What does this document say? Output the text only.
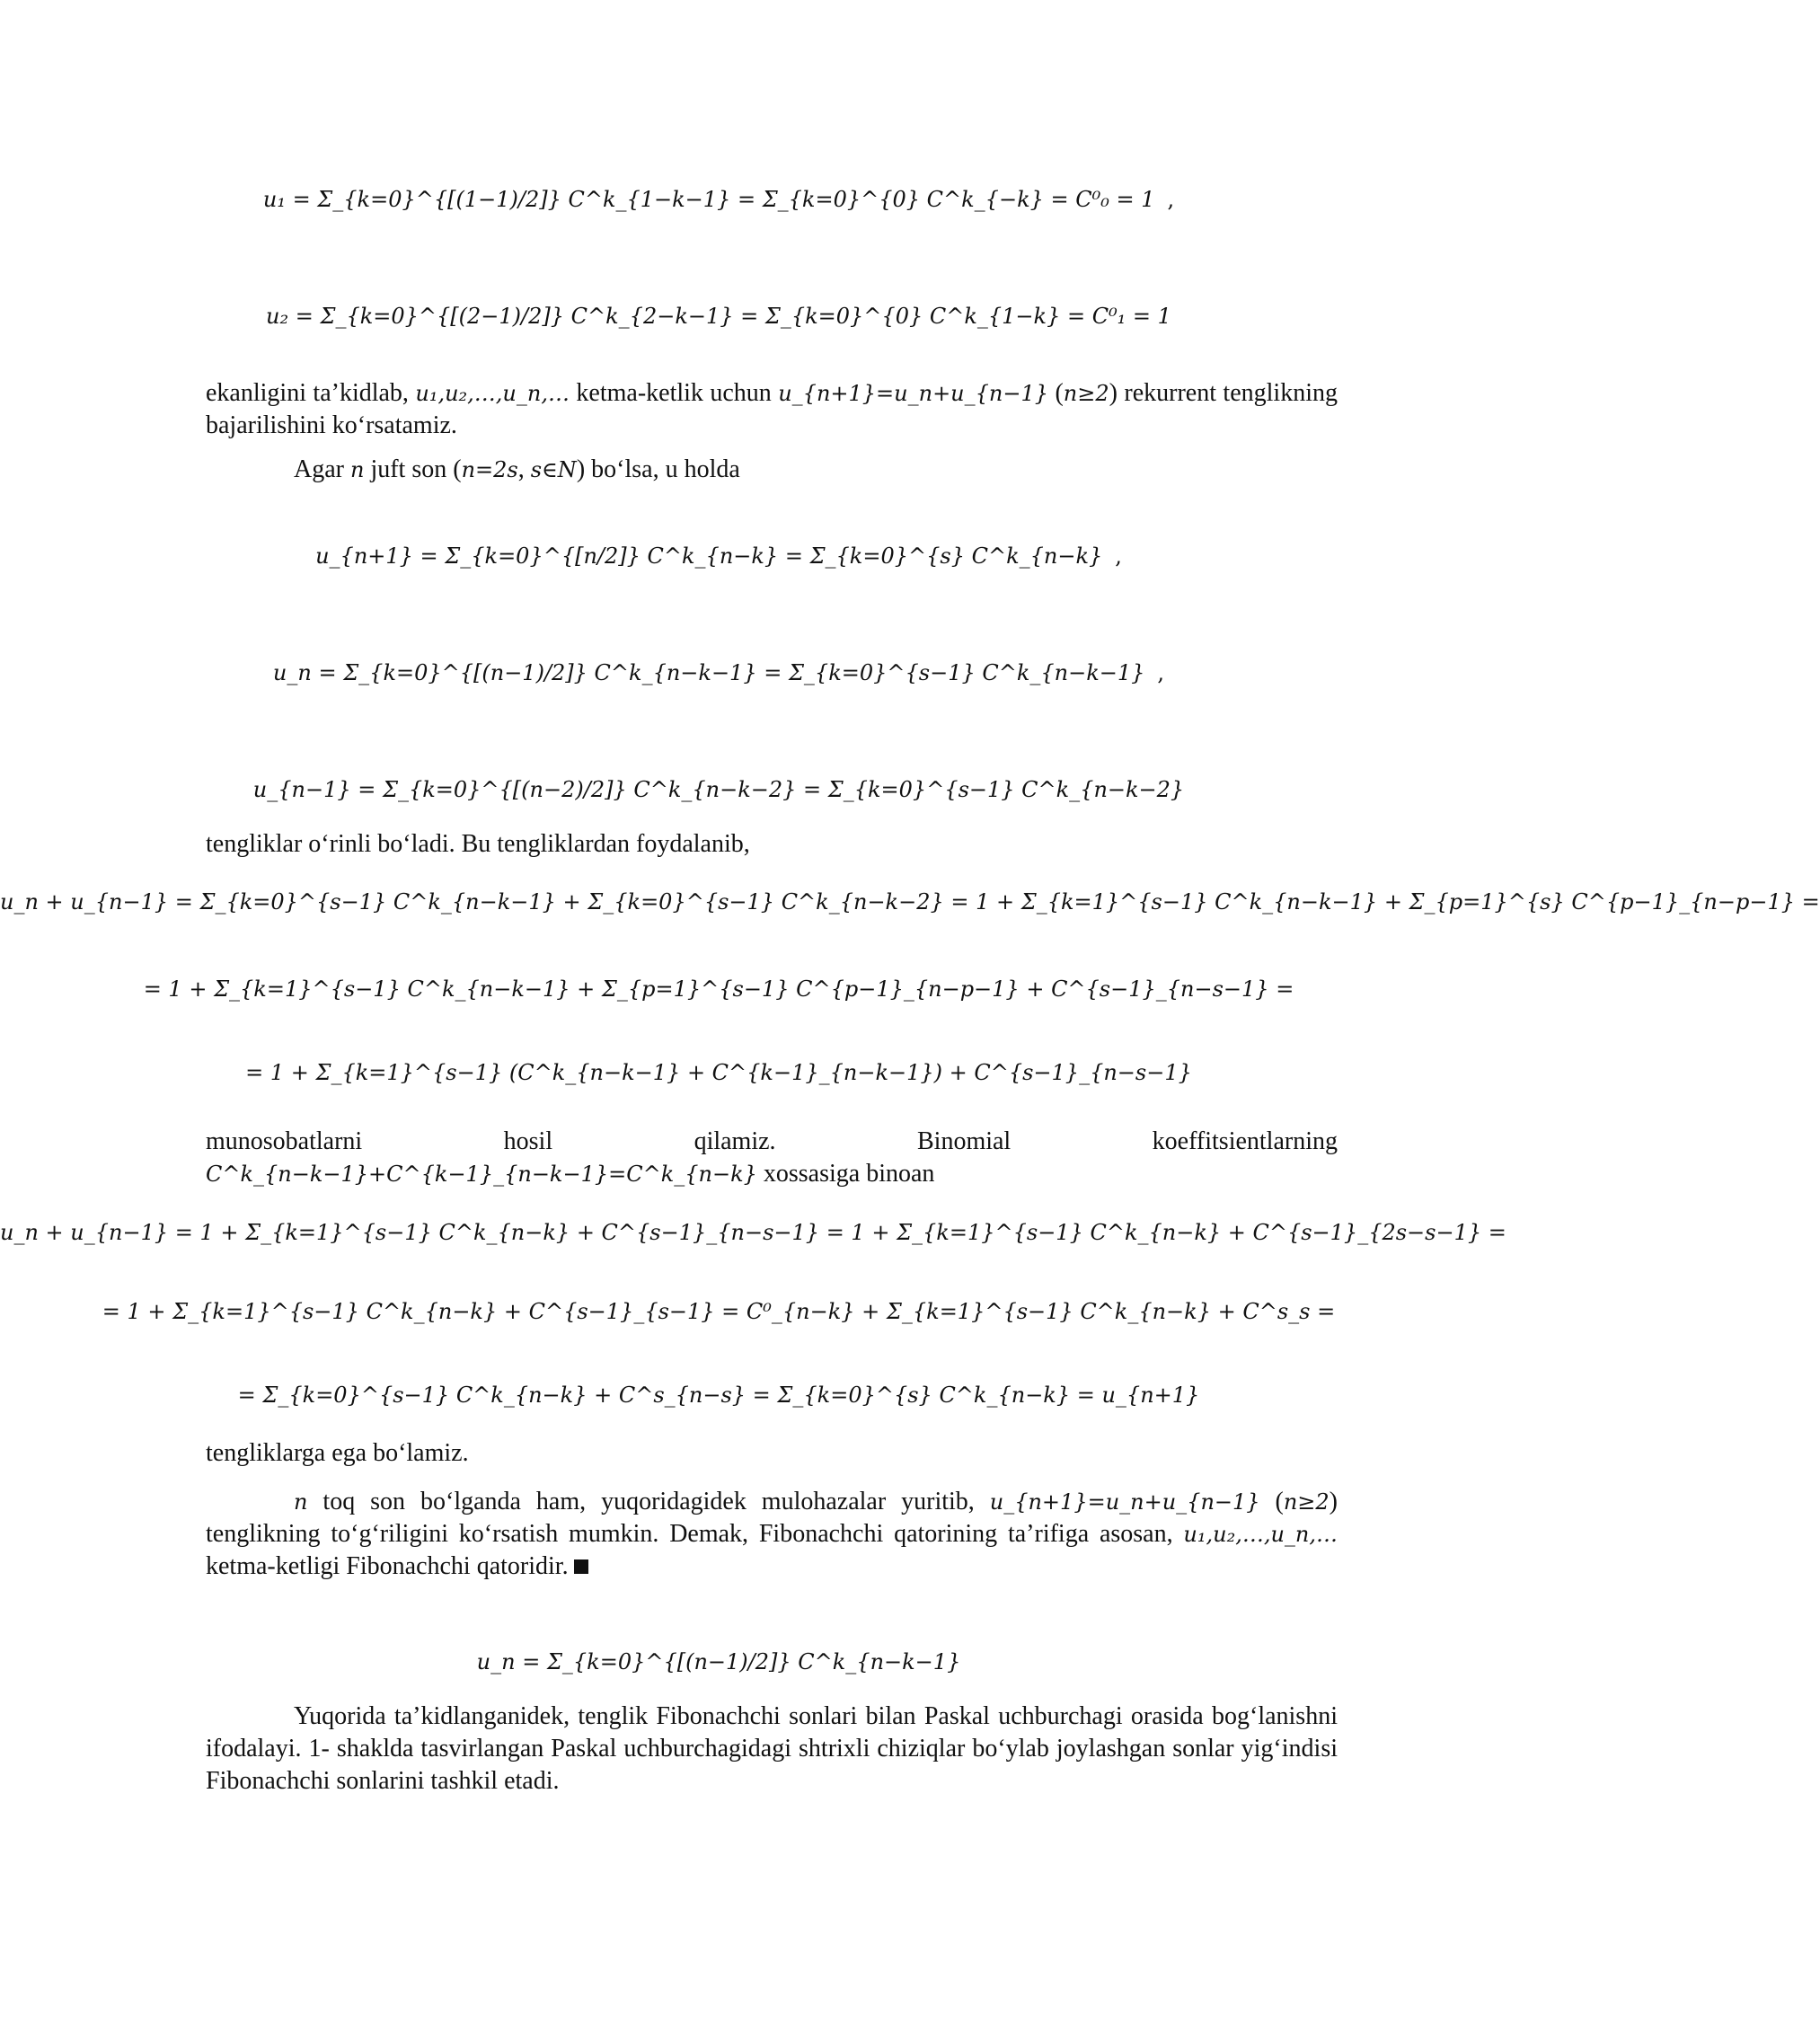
u₁ = Σ_{k=0}^{[(1−1)/2]} C^k_{1−k−1} = Σ_{k=0}^{0} C^k_{−k} = C⁰₀ = 1 ,
u₂ = Σ_{k=0}^{[(2−1)/2]} C^k_{2−k−1} = Σ_{k=0}^{0} C^k_{1−k} = C⁰₁ = 1

ekanligini ta’kidlab, u₁,u₂,…,u_n,… ketma-ketlik uchun u_{n+1}=u_n+u_{n−1} (n≥2) rekurrent tenglikning bajarilishini ko‘rsatamiz.

Agar n juft son (n=2s, s∈N) bo‘lsa, u holda

u_{n+1} = Σ_{k=0}^{[n/2]} C^k_{n−k} = Σ_{k=0}^{s} C^k_{n−k} ,
u_n = Σ_{k=0}^{[(n−1)/2]} C^k_{n−k−1} = Σ_{k=0}^{s−1} C^k_{n−k−1} ,
u_{n−1} = Σ_{k=0}^{[(n−2)/2]} C^k_{n−k−2} = Σ_{k=0}^{s−1} C^k_{n−k−2}

tengliklar o‘rinli bo‘ladi. Bu tengliklardan foydalanib,

u_n + u_{n−1} = Σ_{k=0}^{s−1} C^k_{n−k−1} + Σ_{k=0}^{s−1} C^k_{n−k−2} = 1 + Σ_{k=1}^{s−1} C^k_{n−k−1} + Σ_{p=1}^{s} C^{p−1}_{n−p−1} =
= 1 + Σ_{k=1}^{s−1} C^k_{n−k−1} + Σ_{p=1}^{s−1} C^{p−1}_{n−p−1} + C^{s−1}_{n−s−1} =
= 1 + Σ_{k=1}^{s−1} (C^k_{n−k−1} + C^{k−1}_{n−k−1}) + C^{s−1}_{n−s−1}

munosobatlarni hosil qilamiz. Binomial koeffitsientlarning C^k_{n−k−1}+C^{k−1}_{n−k−1}=C^k_{n−k} xossasiga binoan

u_n + u_{n−1} = 1 + Σ_{k=1}^{s−1} C^k_{n−k} + C^{s−1}_{n−s−1} = 1 + Σ_{k=1}^{s−1} C^k_{n−k} + C^{s−1}_{2s−s−1} =
= 1 + Σ_{k=1}^{s−1} C^k_{n−k} + C^{s−1}_{s−1} = C⁰_{n−k} + Σ_{k=1}^{s−1} C^k_{n−k} + C^s_s =
= Σ_{k=0}^{s−1} C^k_{n−k} + C^s_{n−s} = Σ_{k=0}^{s} C^k_{n−k} = u_{n+1}

tengliklarga ega bo‘lamiz.

n toq son bo‘lganda ham, yuqoridagidek mulohazalar yuritib, u_{n+1}=u_n+u_{n−1} (n≥2) tenglikning to‘g‘riligini ko‘rsatish mumkin. Demak, Fibonachchi qatorining ta’rifiga asosan, u₁,u₂,…,u_n,… ketma-ketligi Fibonachchi qatoridir.

u_n = Σ_{k=0}^{[(n−1)/2]} C^k_{n−k−1}

Yuqorida ta’kidlanganidek, tenglik Fibonachchi sonlari bilan Paskal uchburchagi orasida bog‘lanishni ifodalayi. 1- shaklda tasvirlangan Paskal uchburchagidagi shtrixli chiziqlar bo‘ylab joylashgan sonlar yig‘indisi Fibonachchi sonlarini tashkil etadi.
